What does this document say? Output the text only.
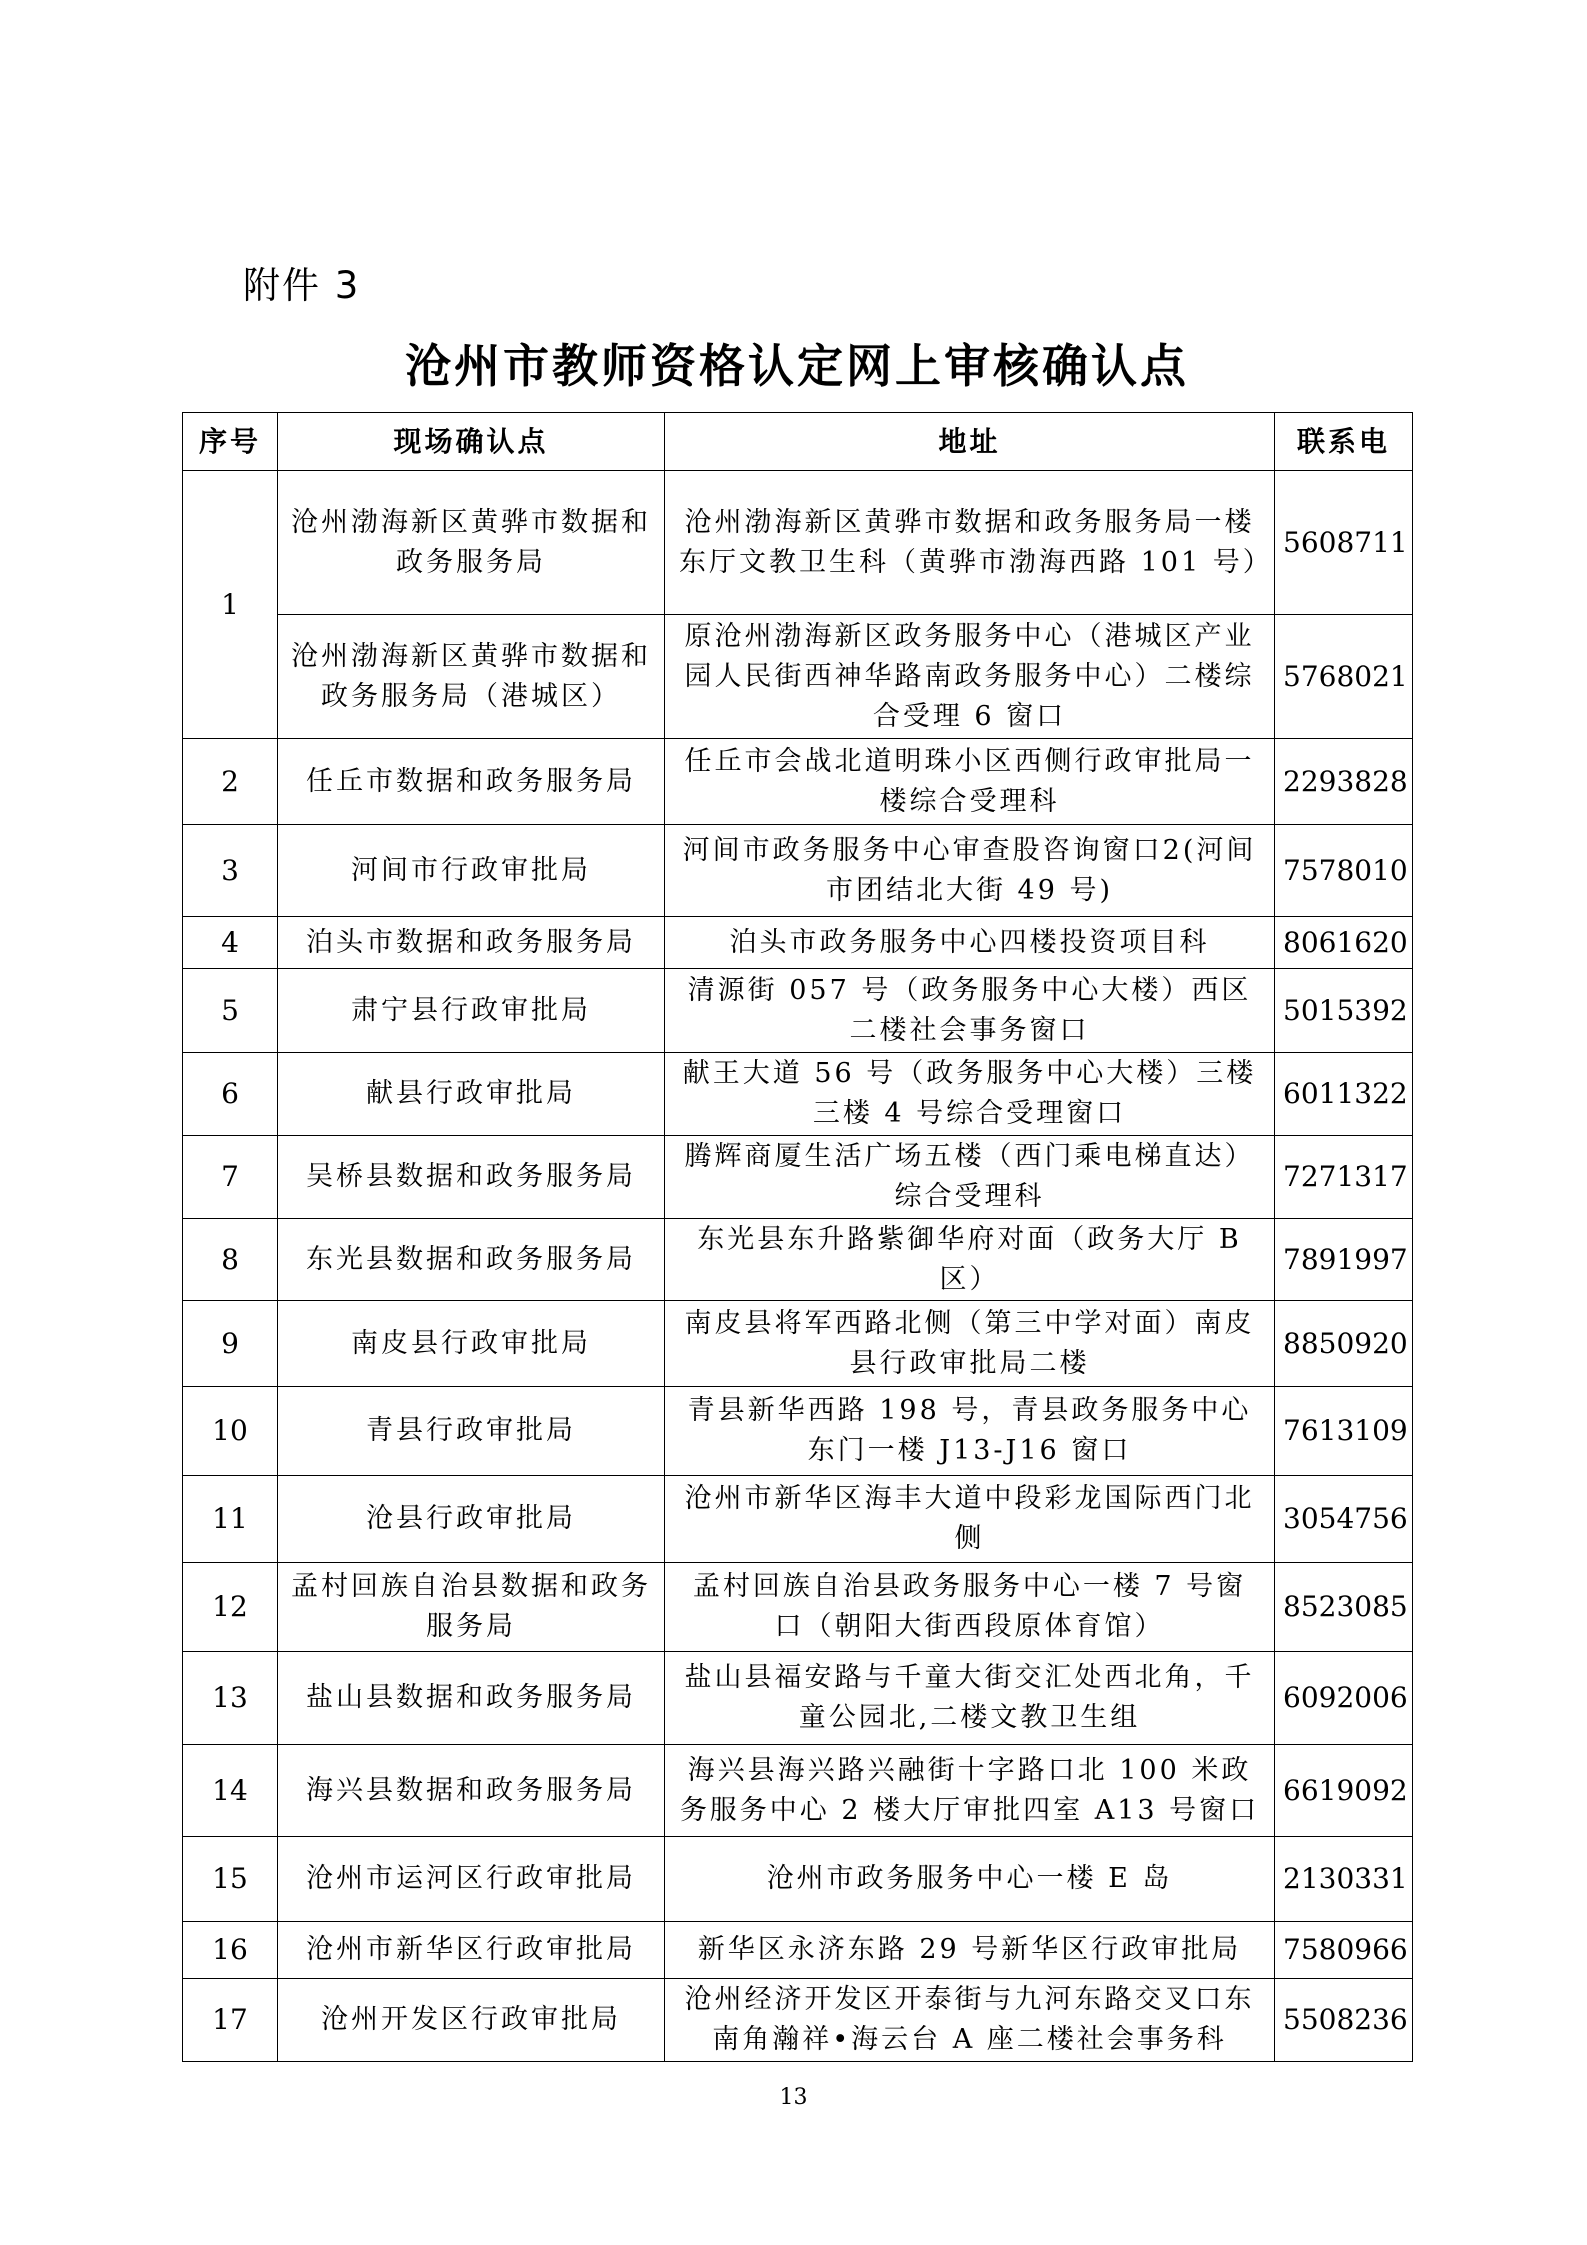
附件 3
沧州市教师资格认定网上审核确认点
序号	现场确认点	地址	联系电
1	沧州渤海新区黄骅市数据和政务服务局	沧州渤海新区黄骅市数据和政务服务局一楼东厅文教卫生科（黄骅市渤海西路 101 号）	5608711
	沧州渤海新区黄骅市数据和政务服务局（港城区）	原沧州渤海新区政务服务中心（港城区产业园人民街西神华路南政务服务中心）二楼综合受理 6 窗口	5768021
2	任丘市数据和政务服务局	任丘市会战北道明珠小区西侧行政审批局一楼综合受理科	2293828
3	河间市行政审批局	河间市政务服务中心审查股咨询窗口2(河间市团结北大街 49 号)	7578010
4	泊头市数据和政务服务局	泊头市政务服务中心四楼投资项目科	8061620
5	肃宁县行政审批局	清源街 057 号（政务服务中心大楼）西区二楼社会事务窗口	5015392
6	献县行政审批局	献王大道 56 号（政务服务中心大楼）三楼三楼 4 号综合受理窗口	6011322
7	吴桥县数据和政务服务局	腾辉商厦生活广场五楼（西门乘电梯直达）综合受理科	7271317
8	东光县数据和政务服务局	东光县东升路紫御华府对面（政务大厅 B 区）	7891997
9	南皮县行政审批局	南皮县将军西路北侧（第三中学对面）南皮县行政审批局二楼	8850920
10	青县行政审批局	青县新华西路 198 号，青县政务服务中心东门一楼 J13-J16 窗口	7613109
11	沧县行政审批局	沧州市新华区海丰大道中段彩龙国际西门北侧	3054756
12	孟村回族自治县数据和政务服务局	孟村回族自治县政务服务中心一楼 7 号窗口（朝阳大街西段原体育馆）	8523085
13	盐山县数据和政务服务局	盐山县福安路与千童大街交汇处西北角，千童公园北,二楼文教卫生组	6092006
14	海兴县数据和政务服务局	海兴县海兴路兴融街十字路口北 100 米政务服务中心 2 楼大厅审批四室 A13 号窗口	6619092
15	沧州市运河区行政审批局	沧州市政务服务中心一楼 E 岛	2130331
16	沧州市新华区行政审批局	新华区永济东路 29 号新华区行政审批局	7580966
17	沧州开发区行政审批局	沧州经济开发区开泰街与九河东路交叉口东南角瀚祥•海云台 A 座二楼社会事务科	5508236
13
